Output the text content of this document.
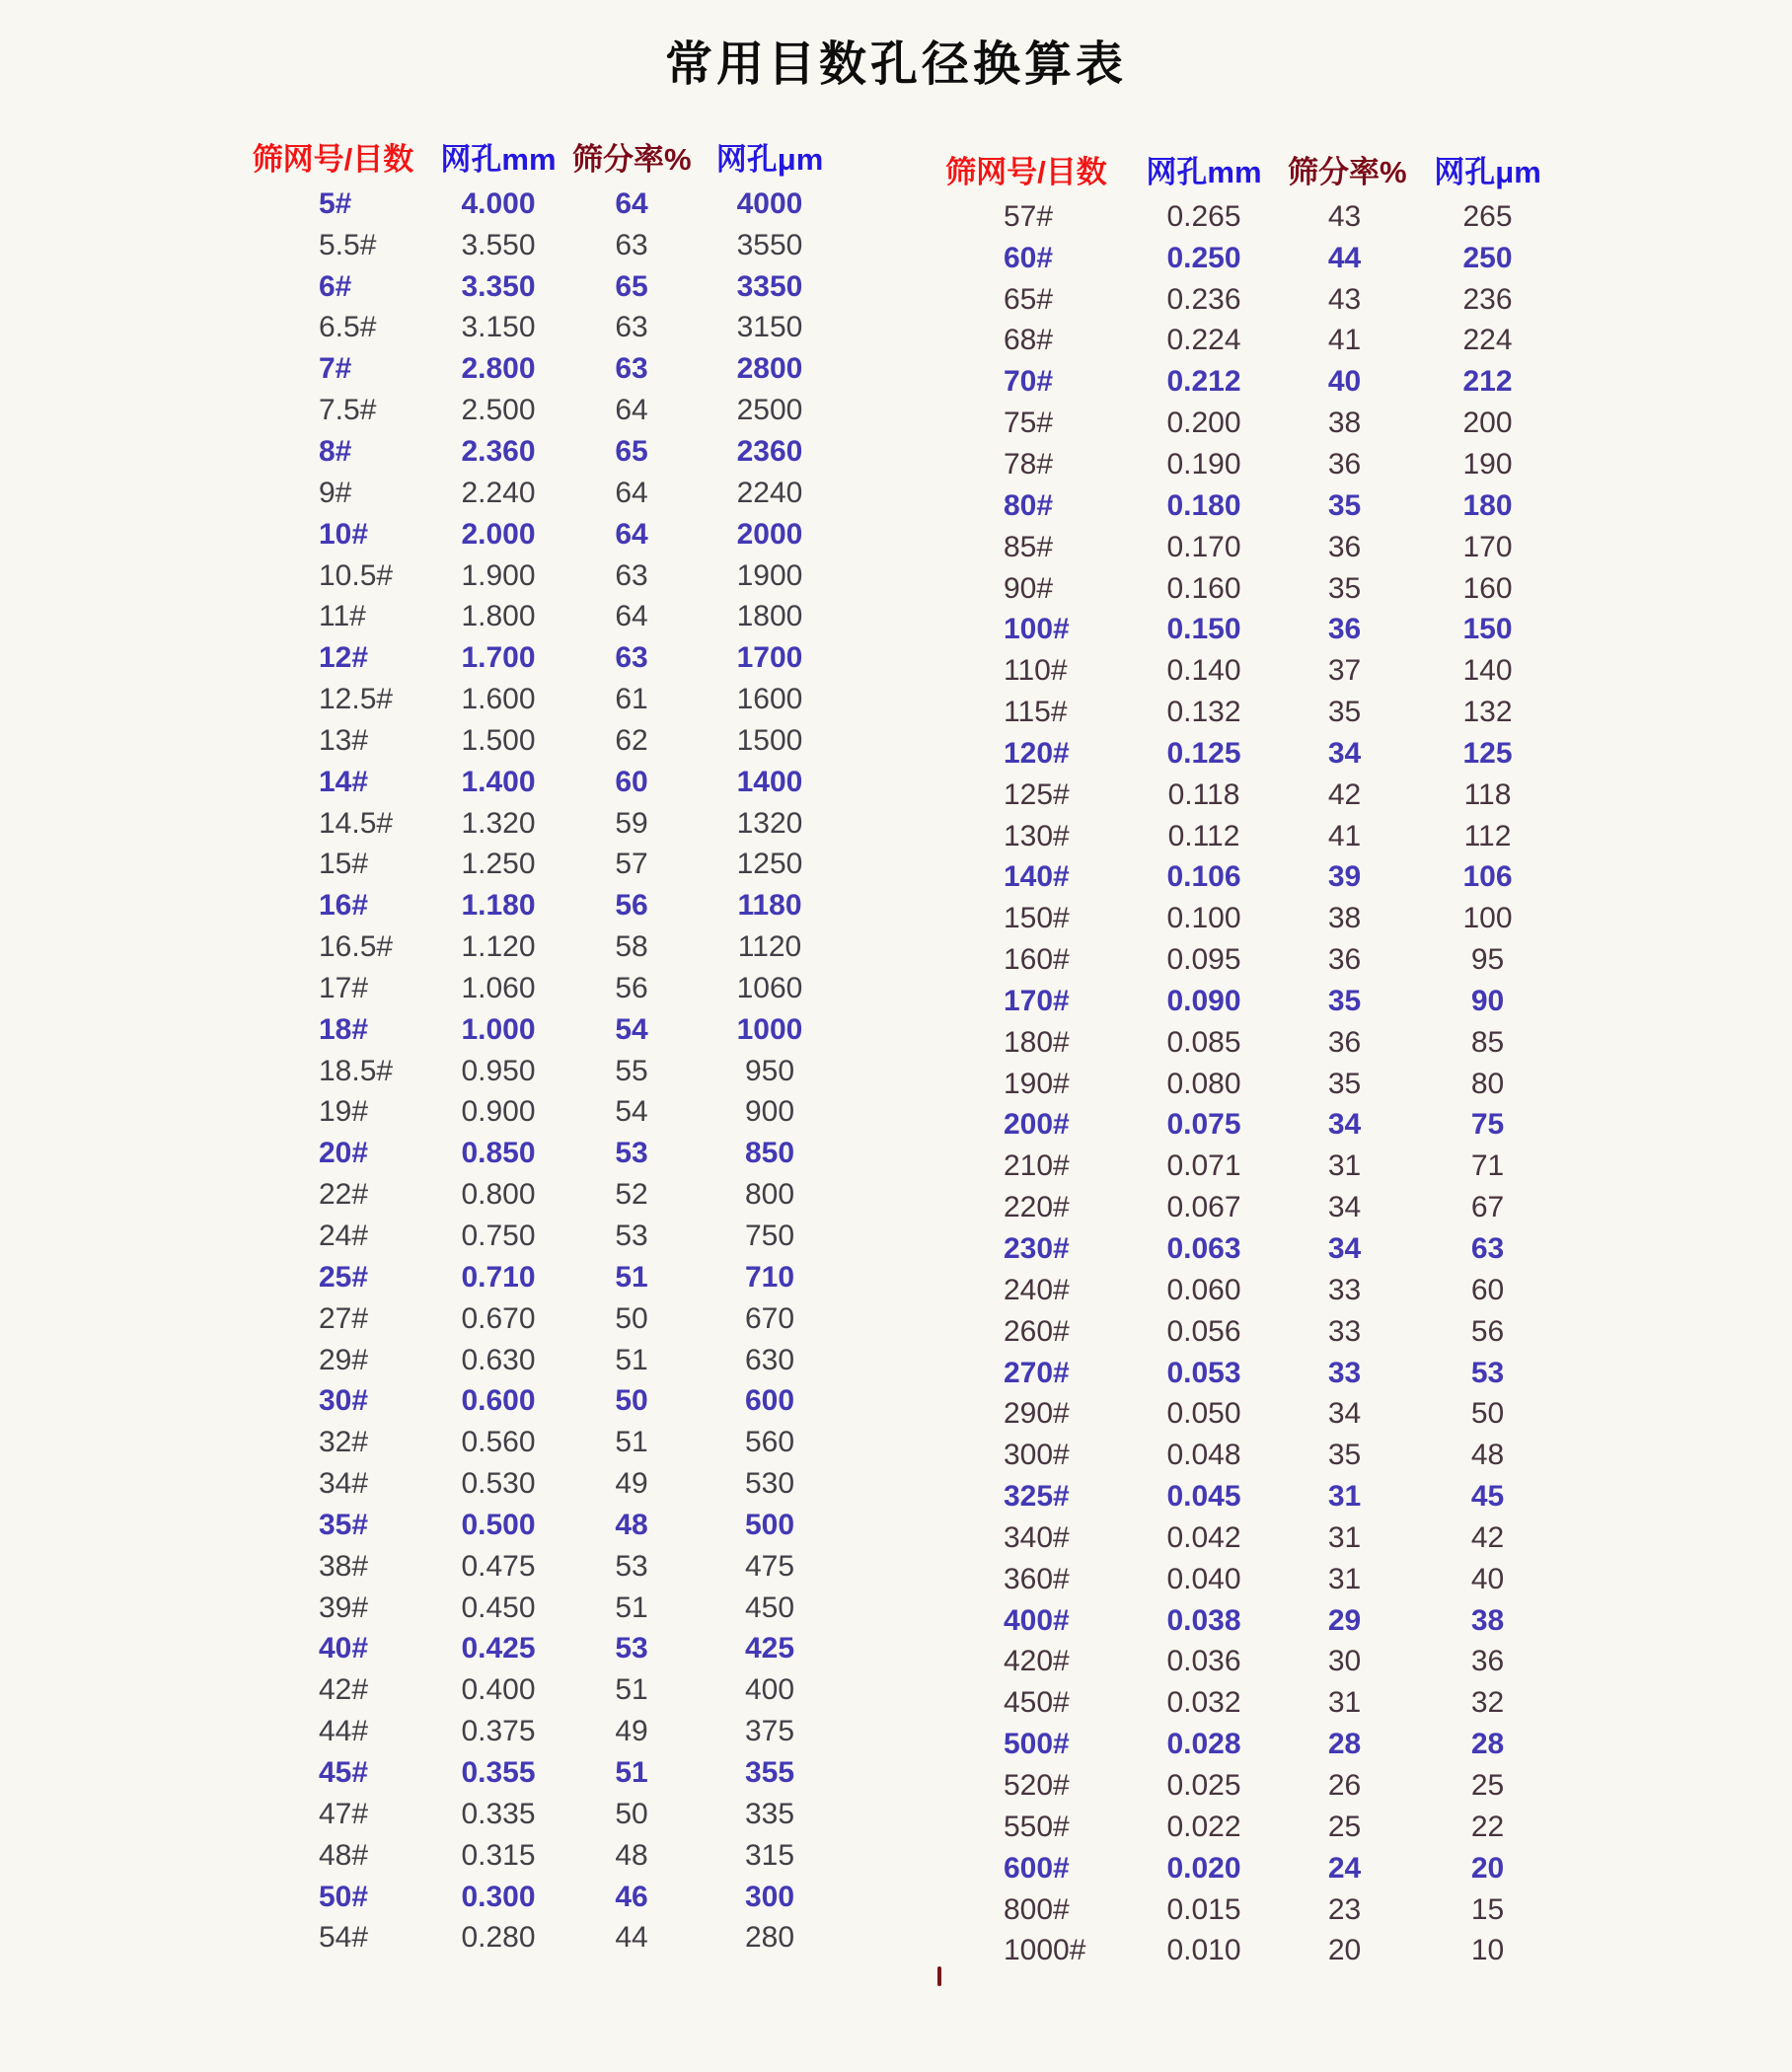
常用目数孔径换算表
筛网号/目数 网孔mm 筛分率% 网孔μm
5#	4.000	64	4000
5.5#	3.550	63	3550
6#	3.350	65	3350
6.5#	3.150	63	3150
7#	2.800	63	2800
7.5#	2.500	64	2500
8#	2.360	65	2360
9#	2.240	64	2240
10#	2.000	64	2000
10.5#	1.900	63	1900
11#	1.800	64	1800
12#	1.700	63	1700
12.5#	1.600	61	1600
13#	1.500	62	1500
14#	1.400	60	1400
14.5#	1.320	59	1320
15#	1.250	57	1250
16#	1.180	56	1180
16.5#	1.120	58	1120
17#	1.060	56	1060
18#	1.000	54	1000
18.5#	0.950	55	950
19#	0.900	54	900
20#	0.850	53	850
22#	0.800	52	800
24#	0.750	53	750
25#	0.710	51	710
27#	0.670	50	670
29#	0.630	51	630
30#	0.600	50	600
32#	0.560	51	560
34#	0.530	49	530
35#	0.500	48	500
38#	0.475	53	475
39#	0.450	51	450
40#	0.425	53	425
42#	0.400	51	400
44#	0.375	49	375
45#	0.355	51	355
47#	0.335	50	335
48#	0.315	48	315
50#	0.300	46	300
54#	0.280	44	280
筛网号/目数	网孔mm 筛分率% 网孔μm
57#	0.265	43	265
60#	0.250	44	250
65#	0.236	43	236
68#	0.224	41	224
70#	0.212	40	212
75#	0.200	38	200
78#	0.190	36	190
80#	0.180	35	180
85#	0.170	36	170
90#	0.160	35	160
100#	0.150	36	150
110#	0.140	37	140
115#	0.132	35	132
120#	0.125	34	125
125#	0.118	42	118
130#	0.112	41	112
140#	0.106	39	106
150#	0.100	38	100
160#	0.095	36	95
170#	0.090	35	90
180#	0.085	36	85
190#	0.080	35	80
200#	0.075	34	75
210#	0.071	31	71
220#	0.067	34	67
230#	0.063	34	63
240#	0.060	33	60
260#	0.056	33	56
270#	0.053	33	53
290#	0.050	34	50
300#	0.048	35	48
325#	0.045	31	45
340#	0.042	31	42
360#	0.040	31	40
400#	0.038	29	38
420#	0.036	30	36
450#	0.032	31	32
500#	0.028	28	28
520#	0.025	26	25
550#	0.022	25	22
600#	0.020	24	20
800#	0.015	23	15
1000#	0.010	20	10
